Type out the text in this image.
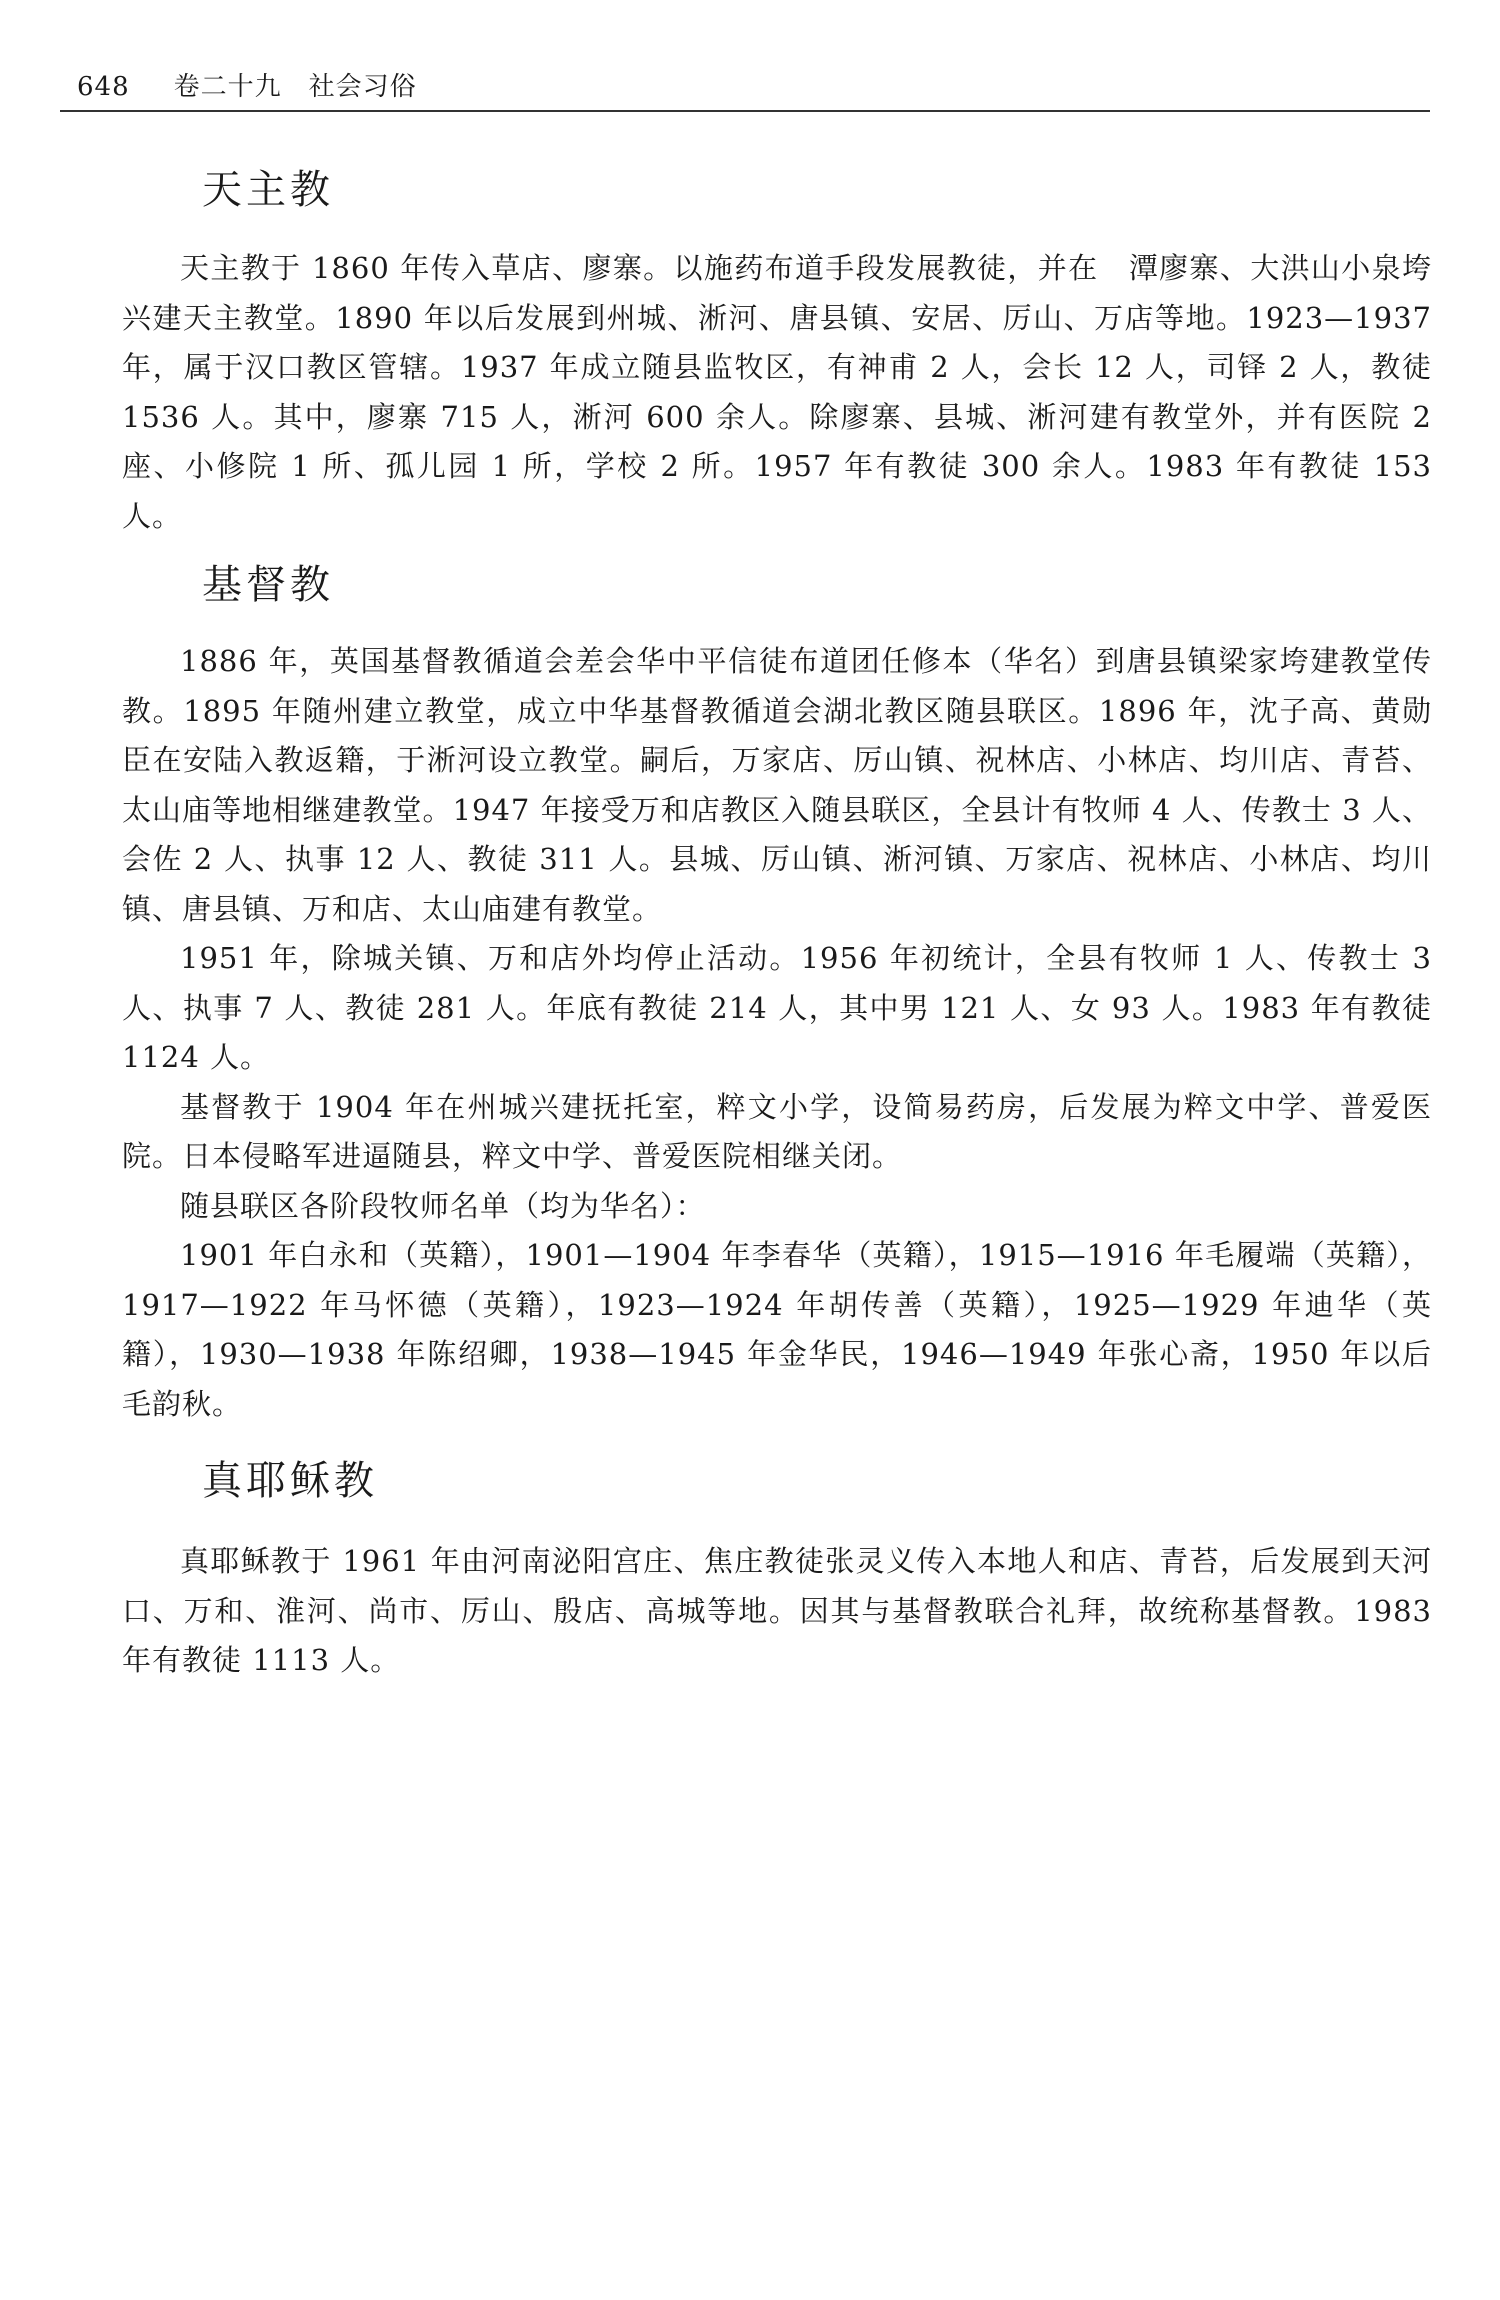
648 卷二十九　社会习俗
天主教

天主教于 1860 年传入草店、廖寨。以施药布道手段发展教徒，并在　潭廖寨、大洪山小泉垮兴建天主教堂。1890 年以后发展到州城、淅河、唐县镇、安居、厉山、万店等地。1923—1937 年，属于汉口教区管辖。1937 年成立随县监牧区，有神甫 2 人，会长 12 人，司铎 2 人，教徒 1536 人。其中，廖寨 715 人，淅河 600 余人。除廖寨、县城、淅河建有教堂外，并有医院 2 座、小修院 1 所、孤儿园 1 所，学校 2 所。1957 年有教徒 300 余人。1983 年有教徒 153 人。

基督教

1886 年，英国基督教循道会差会华中平信徒布道团任修本（华名）到唐县镇梁家垮建教堂传教。1895 年随州建立教堂，成立中华基督教循道会湖北教区随县联区。1896 年，沈子高、黄勋臣在安陆入教返籍，于淅河设立教堂。嗣后，万家店、厉山镇、祝林店、小林店、均川店、青苔、太山庙等地相继建教堂。1947 年接受万和店教区入随县联区，全县计有牧师 4 人、传教士 3 人、会佐 2 人、执事 12 人、教徒 311 人。县城、厉山镇、淅河镇、万家店、祝林店、小林店、均川镇、唐县镇、万和店、太山庙建有教堂。

1951 年，除城关镇、万和店外均停止活动。1956 年初统计，全县有牧师 1 人、传教士 3 人、执事 7 人、教徒 281 人。年底有教徒 214 人，其中男 121 人、女 93 人。1983 年有教徒 1124 人。

基督教于 1904 年在州城兴建抚托室，粹文小学，设简易药房，后发展为粹文中学、普爱医院。日本侵略军进逼随县，粹文中学、普爱医院相继关闭。

随县联区各阶段牧师名单（均为华名）：

1901 年白永和（英籍），1901—1904 年李春华（英籍），1915—1916 年毛履端（英籍），1917—1922 年马怀德（英籍），1923—1924 年胡传善（英籍），1925—1929 年迪华（英籍），1930—1938 年陈绍卿，1938—1945 年金华民，1946—1949 年张心斋，1950 年以后毛韵秋。

真耶稣教

真耶稣教于 1961 年由河南泌阳宫庄、焦庄教徒张灵义传入本地人和店、青苔，后发展到天河口、万和、淮河、尚市、厉山、殷店、高城等地。因其与基督教联合礼拜，故统称基督教。1983 年有教徒 1113 人。
